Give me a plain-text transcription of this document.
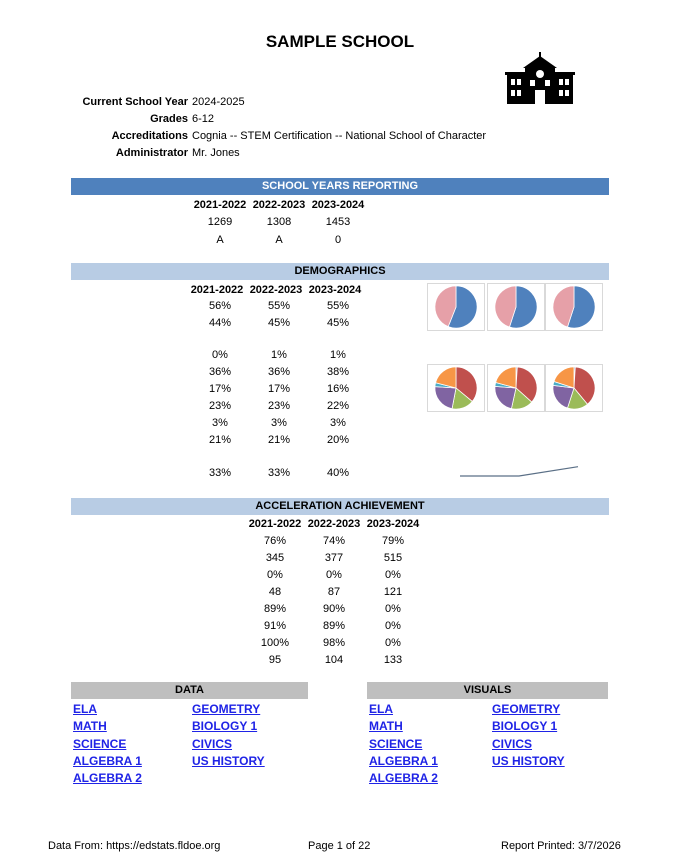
SAMPLE SCHOOL
Current School Year 2024-2025
Grades 6-12
Accreditations Cognia -- STEM Certification -- National School of Character
Administrator Mr. Jones
SCHOOL YEARS REPORTING
2021-2022 2022-2023 2023-2024
1269	1308	1453
A	A	0
DEMOGRAPHICS
2021-2022 2022-2023 2023-2024
56%	55%	55%
44%	45%	45%
0%	1%	1%
36%	36%	38%
17%	17%	16%
23%	23%	22%
3%	3%	3%
21%	21%	20%
33%	33%	40%
ACCELERATION ACHIEVEMENT
2021-2022 2022-2023 2023-2024
76%	74%	79%
345	377	515
0%	0%	0%
48	87	121
89%	90%	0%
91%	89%	0%
100%	98%	0%
95	104	133
DATA	VISUALS
ELA
MATH
SCIENCE
ALGEBRA 1
ALGEBRA 2
GEOMETRY
BIOLOGY 1
CIVICS
US HISTORY
ELA
MATH
SCIENCE
ALGEBRA 1
ALGEBRA 2
GEOMETRY
BIOLOGY 1
CIVICS
US HISTORY
Data From: https://edstats.fldoe.org	Page 1 of 22	Report Printed: 3/7/2026
